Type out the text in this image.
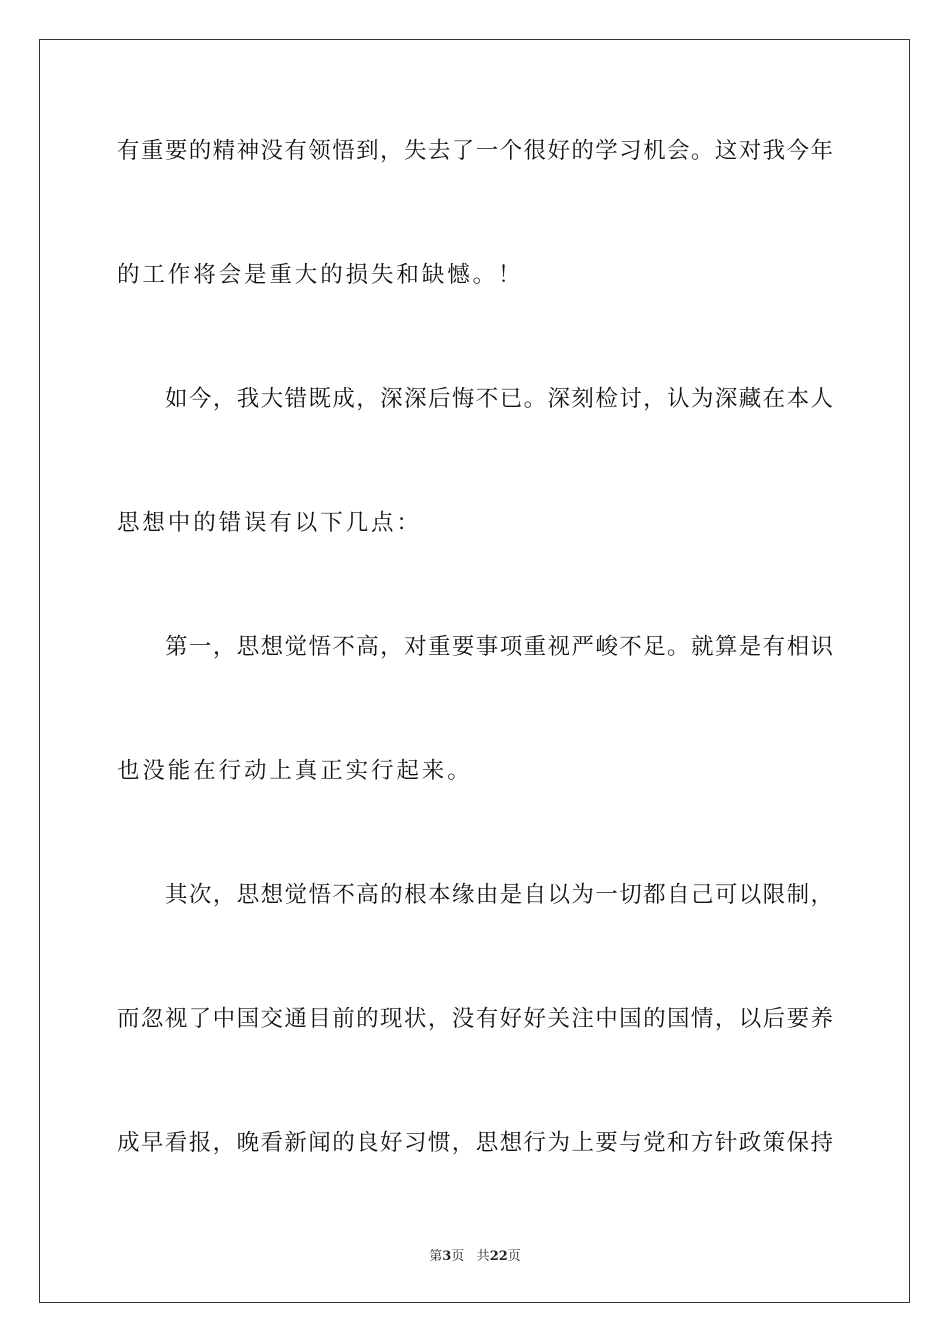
有重要的精神没有领悟到，失去了一个很好的学习机会。这对我今年
的工作将会是重大的损失和缺憾。！
如今，我大错既成，深深后悔不已。深刻检讨，认为深藏在本人
思想中的错误有以下几点：
第一，思想觉悟不高，对重要事项重视严峻不足。就算是有相识
也没能在行动上真正实行起来。
其次，思想觉悟不高的根本缘由是自以为一切都自己可以限制，
而忽视了中国交通目前的现状，没有好好关注中国的国情，以后要养
成早看报，晚看新闻的良好习惯，思想行为上要与党和方针政策保持
第3页 共22页
